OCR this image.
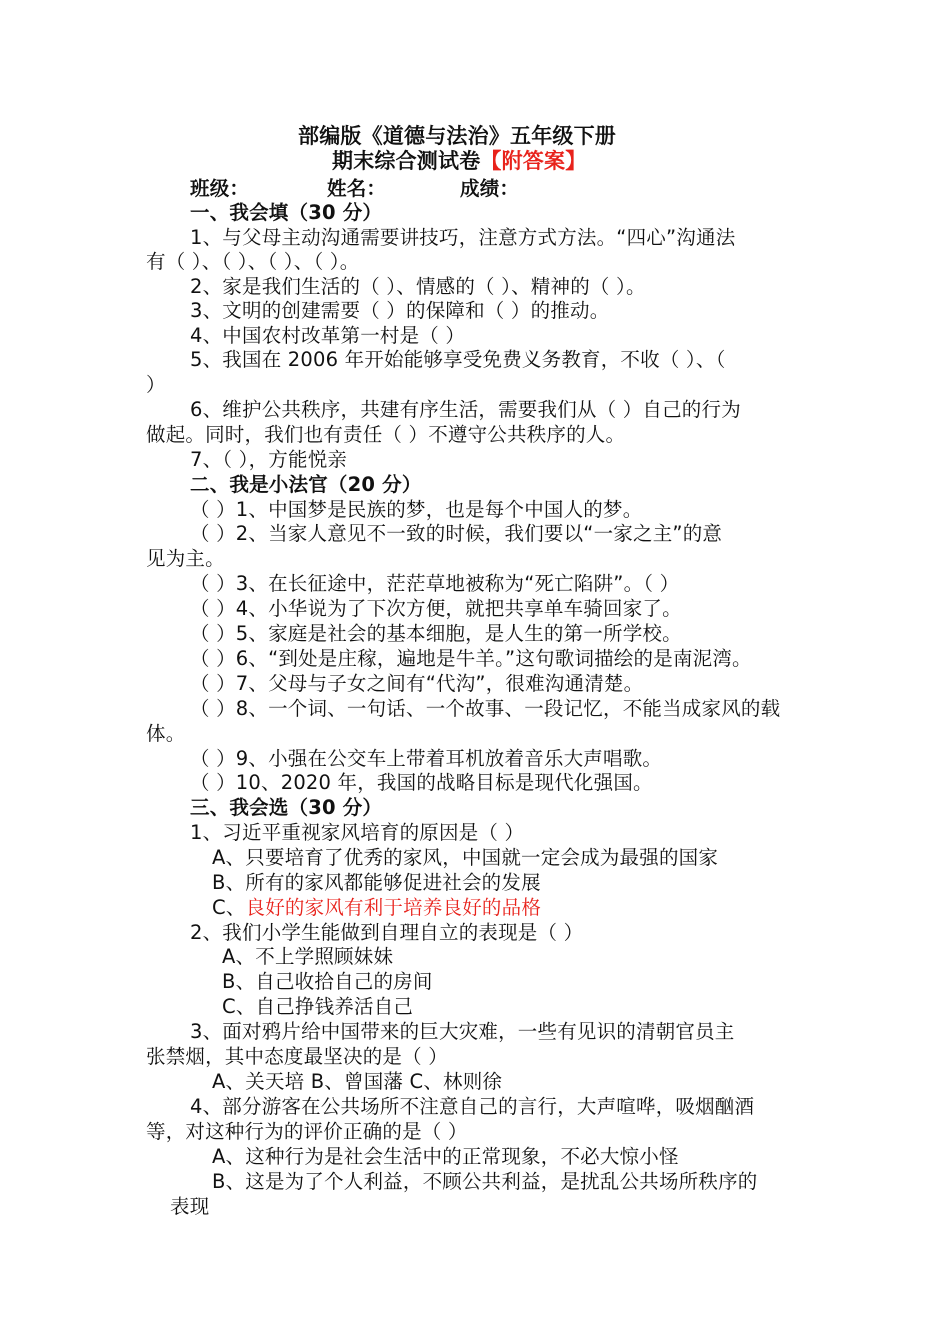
部编版《道德与法治》五年级下册
期末综合测试卷【附答案】
班级：	姓名：	成绩：
一、我会填（30 分）
1、与父母主动沟通需要讲技巧，注意方式方法。“四心”沟通法
有（ ）、（ ）、（ ）、（ ）。
2、家是我们生活的（ ）、情感的（ ）、精神的（ ）。
3、文明的创建需要（ ）的保障和（ ）的推动。
4、中国农村改革第一村是（ ）
5、我国在 2006 年开始能够享受免费义务教育，不收（ ）、（
）
6、维护公共秩序，共建有序生活，需要我们从（ ）自己的行为
做起。同时，我们也有责任（ ）不遵守公共秩序的人。
7、（ ），方能悦亲
二、我是小法官（20 分）
（ ）1、中国梦是民族的梦，也是每个中国人的梦。
（ ）2、当家人意见不一致的时候，我们要以“一家之主”的意
见为主。
（ ）3、在长征途中，茫茫草地被称为“死亡陷阱”。（ ）
（ ）4、小华说为了下次方便，就把共享单车骑回家了。
（ ）5、家庭是社会的基本细胞，是人生的第一所学校。
（ ）6、“到处是庄稼，遍地是牛羊。”这句歌词描绘的是南泥湾。
（ ）7、父母与子女之间有“代沟”，很难沟通清楚。
（ ）8、一个词、一句话、一个故事、一段记忆，不能当成家风的载
体。
（ ）9、小强在公交车上带着耳机放着音乐大声唱歌。
（ ）10、2020 年，我国的战略目标是现代化强国。
三、我会选（30 分）
1、习近平重视家风培育的原因是（ ）
A、只要培育了优秀的家风，中国就一定会成为最强的国家
B、所有的家风都能够促进社会的发展
C、良好的家风有利于培养良好的品格
2、我们小学生能做到自理自立的表现是（ ）
A、不上学照顾妹妹
B、自己收拾自己的房间
C、自己挣钱养活自己
3、面对鸦片给中国带来的巨大灾难，一些有见识的清朝官员主
张禁烟，其中态度最坚决的是（ ）
A、关天培 B、曾国藩 C、林则徐
4、部分游客在公共场所不注意自己的言行，大声喧哗，吸烟酗酒
等，对这种行为的评价正确的是（ ）
A、这种行为是社会生活中的正常现象，不必大惊小怪
B、这是为了个人利益，不顾公共利益，是扰乱公共场所秩序的
表现
